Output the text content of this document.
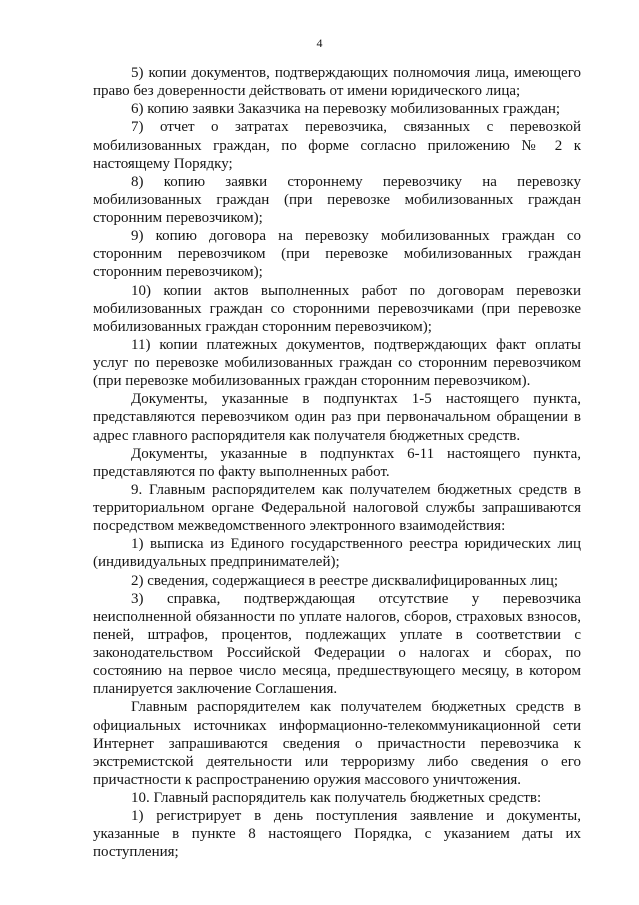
4

5) копии документов, подтверждающих полномочия лица, имеющего право без доверенности действовать от имени юридического лица;

6) копию заявки Заказчика на перевозку мобилизованных граждан;

7) отчет о затратах перевозчика, связанных с перевозкой мобилизованных граждан, по форме согласно приложению № 2 к настоящему Порядку;

8) копию заявки стороннему перевозчику на перевозку мобилизованных граждан (при перевозке мобилизованных граждан сторонним перевозчиком);

9) копию договора на перевозку мобилизованных граждан со сторонним перевозчиком (при перевозке мобилизованных граждан сторонним перевозчиком);

10) копии актов выполненных работ по договорам перевозки мобилизованных граждан со сторонними перевозчиками (при перевозке мобилизованных граждан сторонним перевозчиком);

11) копии платежных документов, подтверждающих факт оплаты услуг по перевозке мобилизованных граждан со сторонним перевозчиком (при перевозке мобилизованных граждан сторонним перевозчиком).

Документы, указанные в подпунктах 1-5 настоящего пункта, представляются перевозчиком один раз при первоначальном обращении в адрес главного распорядителя как получателя бюджетных средств.

Документы, указанные в подпунктах 6-11 настоящего пункта, представляются по факту выполненных работ.

9. Главным распорядителем как получателем бюджетных средств в территориальном органе Федеральной налоговой службы запрашиваются посредством межведомственного электронного взаимодействия:

1) выписка из Единого государственного реестра юридических лиц (индивидуальных предпринимателей);

2) сведения, содержащиеся в реестре дисквалифицированных лиц;

3) справка, подтверждающая отсутствие у перевозчика неисполненной обязанности по уплате налогов, сборов, страховых взносов, пеней, штрафов, процентов, подлежащих уплате в соответствии с законодательством Российской Федерации о налогах и сборах, по состоянию на первое число месяца, предшествующего месяцу, в котором планируется заключение Соглашения.

Главным распорядителем как получателем бюджетных средств в официальных источниках информационно-телекоммуникационной сети Интернет запрашиваются сведения о причастности перевозчика к экстремистской деятельности или терроризму либо сведения о его причастности к распространению оружия массового уничтожения.

10. Главный распорядитель как получатель бюджетных средств:

1) регистрирует в день поступления заявление и документы, указанные в пункте 8 настоящего Порядка, с указанием даты их поступления;
